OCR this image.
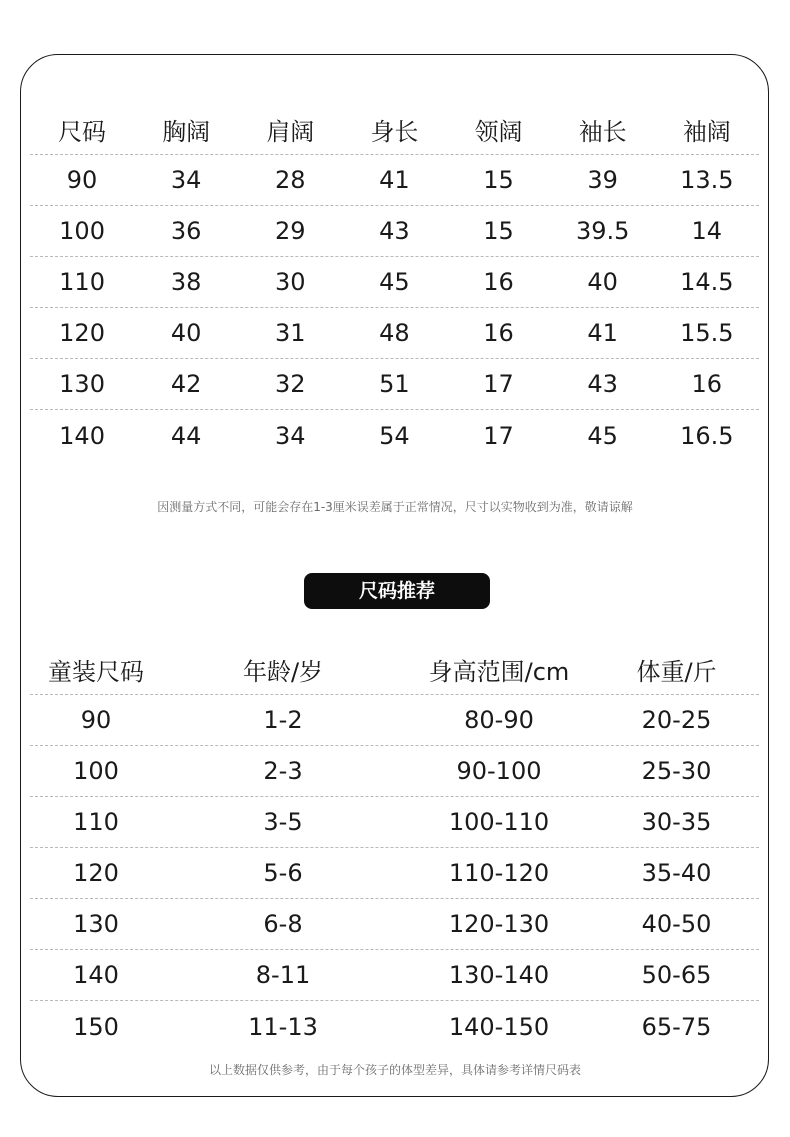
尺码	胸阔	肩阔	身长	领阔	袖长	袖阔
90	34	28	41	15	39	13.5
100	36	29	43	15	39.5	14
110	38	30	45	16	40	14.5
120	40	31	48	16	41	15.5
130	42	32	51	17	43	16
140	44	34	54	17	45	16.5
因测量方式不同，可能会存在1-3厘米误差属于正常情况，尺寸以实物收到为准，敬请谅解
尺码推荐
童装尺码	年龄/岁	身高范围/cm	体重/斤
90	1-2	80-90	20-25
100	2-3	90-100	25-30
110	3-5	100-110	30-35
120	5-6	110-120	35-40
130	6-8	120-130	40-50
140	8-11	130-140	50-65
150	11-13	140-150	65-75
以上数据仅供参考，由于每个孩子的体型差异，具体请参考详情尺码表
